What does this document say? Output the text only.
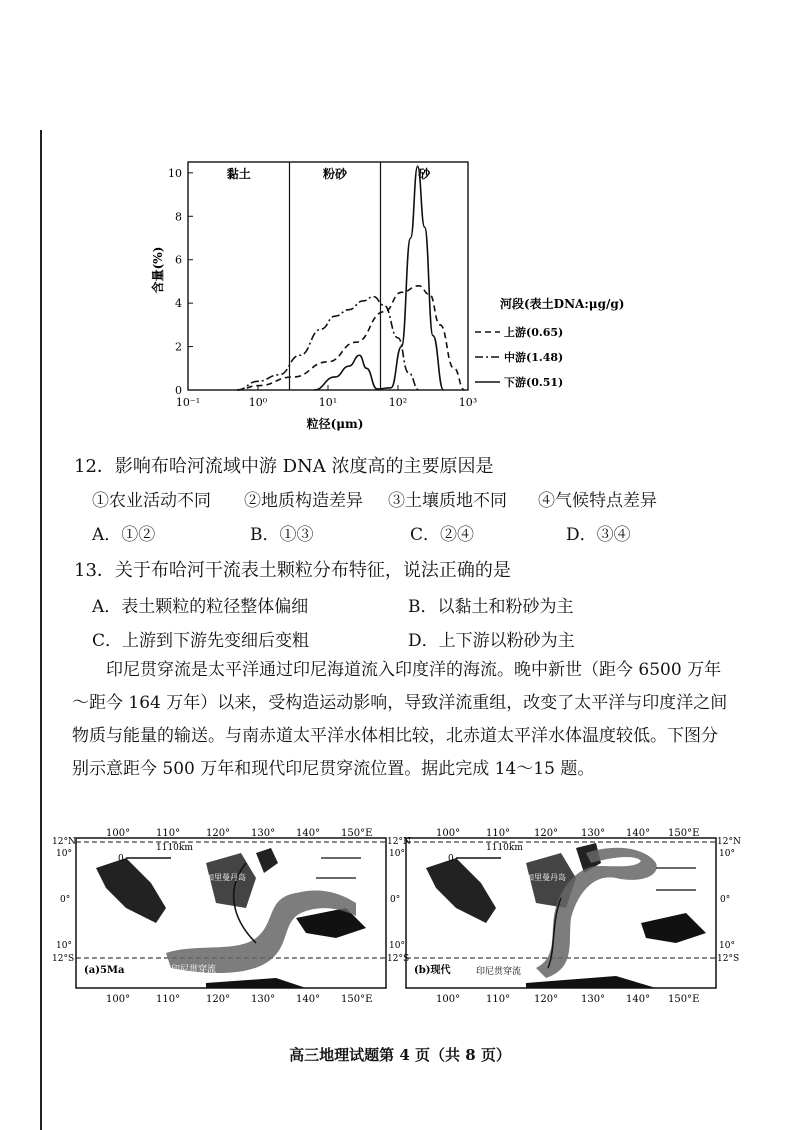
含量(%)
粒径(μm)
河段(表土DNA:μg/g)
黏土	粉砂	砂
0
2
4
6
8
10
10⁻¹	10⁰	10¹	10²	10³
上游(0.65)
中游(1.48)
下游(0.51)
12．影响布哈河流域中游 DNA 浓度高的主要原因是
①农业活动不同 ②地质构造差异 ③土壤质地不同 ④气候特点差异
A．①②	B．①③	C．②④	D．③④
13．关于布哈河干流表土颗粒分布特征，说法正确的是
A．表土颗粒的粒径整体偏细	B．以黏土和粉砂为主
C．上游到下游先变细后变粗	D．上下游以粉砂为主
印尼贯穿流是太平洋通过印尼海道流入印度洋的海流。晚中新世（距今 6500 万年～距今 164 万年）以来，受构造运动影响，导致洋流重组，改变了太平洋与印度洋之间物质与能量的输送。与南赤道太平洋水体相比较，北赤道太平洋水体温度较低。下图分别示意距今 500 万年和现代印尼贯穿流位置。据此完成 14～15 题。
0
1110km
(a)5Ma	印尼贯穿流
加里曼丹岛
0
1110km
(b)现代	印尼贯穿流
加里曼丹岛
100°	110°	120° 130° 140° 150°E
100°	110°	120° 130° 140° 150°E
100°	110° 120° 130° 140° 150°E
100°	110° 120° 130° 140° 150°E
12°N
10°
0°
10°
12°S
12°N
10°
0°
10°
12°S
12°N
10°
0°
10°
12°S
高三地理试题第 4 页（共 8 页）
